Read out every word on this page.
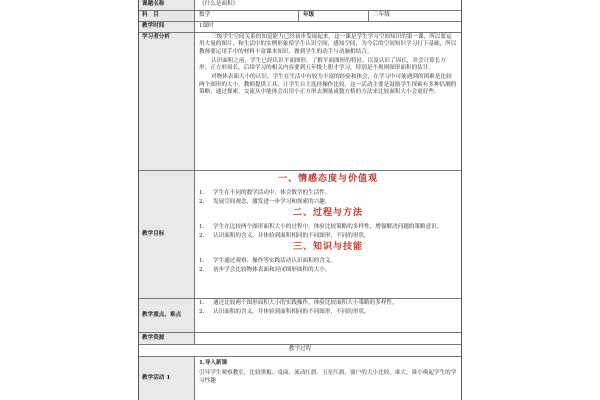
课题名称	《什么是面积》
科　目	数学	年级	三年级
教学时间	1课时
学习者分析	三级学生空间关系的知觉能力已经初步发展起来，这一课是学生学习空间知识的第一课，所以要运用大量的图片，和生活中的实例形象使学生认识空间，感知空间，为今后的空间知识学习打下基础，所以教师要运用手中的材料丰富课本知识，做到学生的动手与动脑相结合。

认识面积之前，学生已经认识平面图形，了解平面图形的特征，以及认识了周长，并会计算长方形、正方形周长，后续学习的相关内容要到五年级上册才学习，特别是不规则图形面积的估计。

对物体表面大小的认识，学生在生活中有较为丰富的经验和体会，在学习中可能遇到的困难是比较两个图形的大小，教师提供工具，让学生自主选择操作比较，这一活动主要是鼓励学生探索有多种估测的策略，通过探索，交流从中能体会出用小正方形去测量或数方格的方法来比较面积大小会更好些。

教学目标
一、情感态度与价值观
1.	学生在不同的数学活动中，体会数学的生活性。
2.	发展空间观念，激发进一步学习和探索的兴趣。
二、过程与方法
1.	学生在比较两个图形面积大小的过程中，体验比较策略的多样性，增强解决问题的策略意识。
2.	认识面积的含义，并体验到面积相同的不同图形，不同的形状。
三、知识与技能
1.	学生通过观察、操作等实践活动认识面积的含义。
2.	初步学会比较物体表面和封闭图形面积的大小。
教学重点、难点
1.	通过比较两个图形面积大小的实践操作，体验比较面积大小策略的多样性。
2.	认识面积的含义，并体验到面积相同的不同图形，不同的形状。
教学资源
教学过程
教学活动 1
1.导入新课
引导学生观察教室，比较黑板、桌面、流动红旗、五星红旗，窗户的大小比较，谁大，谁小唤起学生的学习性趣
